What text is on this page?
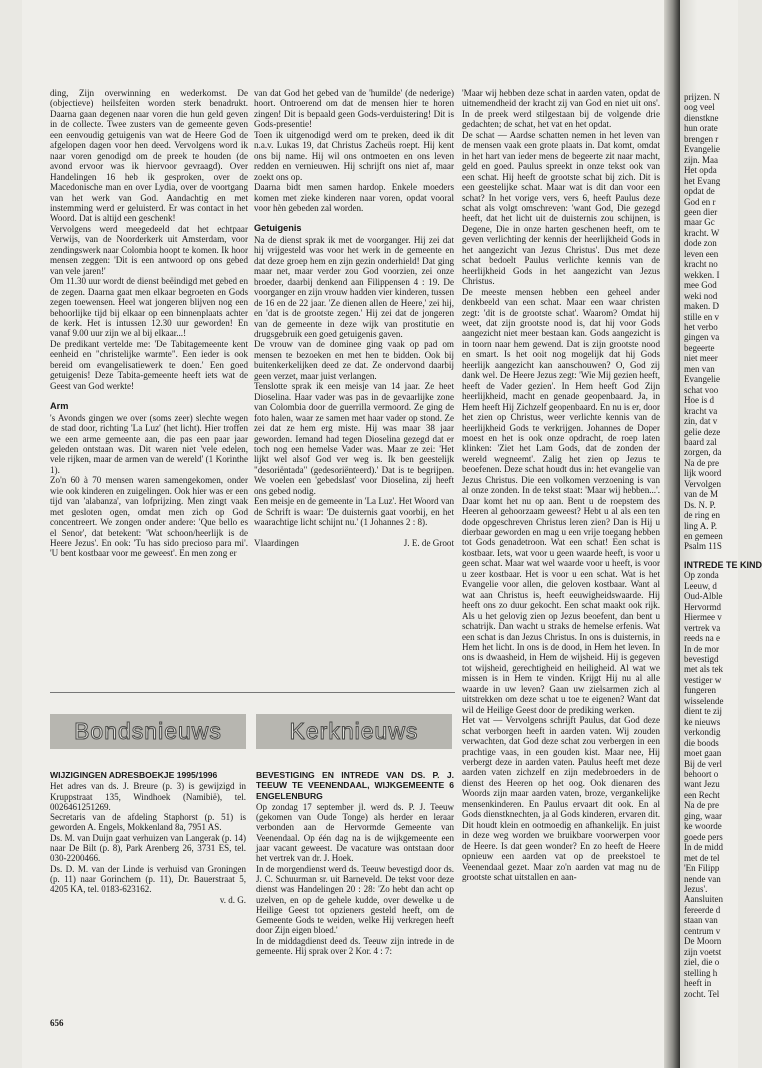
prijzen. N

oog veel

dienstkne

hun orate

brengen r

Evangelie

zijn. Maa

Het opda

het Evang

opdat de

God en r

geen dier

maar Gc

kracht. W

dode zon

leven een

kracht no

wekken. I

mee God

weki nod

maken. D

stille en v

het verbo

gingen va

begeerte

niet meer

men van

Evangelie

schat voo

Hoe is d

kracht va

zin, dat v

gelie deze

baard zal

zorgen, da

Na de pre

lijk woord

Vervolgen

van de M

Ds. N. P.

de ring en

ling A. P.

en gemeen

Psalm 11S

INTREDE TE KIND

Op zonda

Leeuw, d

Oud-Alble

Hervormd

Hiermee v

vertrek va

reeds na e

In de mor

bevestigd

met als tek

vestiger w

fungeren

wisselende

dient te zij

ke nieuws

verkondig

die boods

moet gaan

Bij de verl

behoort o

want Jezu

een Recht

Na de pre

ging, waar

ke woorde

goede pers

In de midd

met de tel

'En Filipp

nende van

Jezus'.

Aansluiten

fereerde d

staan van

centrum v

De Moorn

zijn voetst

ziel, die o

stelling h

heeft in

zocht. Tel

ding, Zijn overwinning en wederkomst. De (objectieve) heilsfeiten worden sterk benadrukt. Daarna gaan degenen naar voren die hun geld geven in de collecte. Twee zusters van de gemeente geven een eenvoudig getuigenis van wat de Heere God de afgelopen dagen voor hen deed. Vervolgens word ik naar voren genodigd om de preek te houden (de avond ervoor was ik hiervoor gevraagd). Over Handelingen 16 heb ik gesproken, over de Macedonische man en over Lydia, over de voortgang van het werk van God. Aandachtig en met instemming werd er geluisterd. Er was contact in het Woord. Dat is altijd een geschenk!

Vervolgens werd meegedeeld dat het echtpaar Verwijs, van de Noorderkerk uit Amsterdam, voor zendingswerk naar Colombia hoopt te komen. Ik hoor mensen zeggen: 'Dit is een antwoord op ons gebed van vele jaren!'

Om 11.30 uur wordt de dienst beëindigd met gebed en de zegen. Daarna gaat men elkaar begroeten en Gods zegen toewensen. Heel wat jongeren blijven nog een behoorlijke tijd bij elkaar op een binnenplaats achter de kerk. Het is intussen 12.30 uur geworden! En vanaf 9.00 uur zijn we al bij elkaar...!

De predikant vertelde me: 'De Tabitagemeente kent eenheid en "christelijke warmte". Een ieder is ook bereid om evangelisatiewerk te doen.' Een goed getuigenis! Deze Tabita-gemeente heeft iets wat de Geest van God werkte!

Arm

's Avonds gingen we over (soms zeer) slechte wegen de stad door, richting 'La Luz' (het licht). Hier troffen we een arme gemeente aan, die pas een paar jaar geleden ontstaan was. Dit waren niet 'vele edelen, vele rijken, maar de armen van de wereld' (1 Korinthe 1).

Zo'n 60 à 70 mensen waren samengekomen, onder wie ook kinderen en zuigelingen. Ook hier was er een tijd van 'alabanza', van lofprijzing. Men zingt vaak met gesloten ogen, omdat men zich op God concentreert. We zongen onder andere: 'Que bello es el Senor', dat betekent: 'Wat schoon/heerlijk is de Heere Jezus'. En ook: 'Tu has sido precioso para mi'. 'U bent kostbaar voor me geweest'. En men zong er

van dat God het gebed van de 'humilde' (de nederige) hoort. Ontroerend om dat de mensen hier te horen zingen! Dit is bepaald geen Gods-verduistering! Dit is Gods-presentie!

Toen ik uitgenodigd werd om te preken, deed ik dit n.a.v. Lukas 19, dat Christus Zacheüs roept. Hij kent ons bij name. Hij wil ons ontmoeten en ons leven redden en vernieuwen. Hij schrijft ons niet af, maar zoekt ons op.

Daarna bidt men samen hardop. Enkele moeders komen met zieke kinderen naar voren, opdat vooral voor hèn gebeden zal worden.

Getuigenis

Na de dienst sprak ik met de voorganger. Hij zei dat hij vrijgesteld was voor het werk in de gemeente en dat deze groep hem en zijn gezin onderhield! Dat ging maar net, maar verder zou God voorzien, zei onze broeder, daarbij denkend aan Filippensen 4 : 19. De voorganger en zijn vrouw hadden vier kinderen, tussen de 16 en de 22 jaar. 'Ze dienen allen de Heere,' zei hij, en 'dat is de grootste zegen.' Hij zei dat de jongeren van de gemeente in deze wijk van prostitutie en drugsgebruik een goed getuigenis gaven.

De vrouw van de dominee ging vaak op pad om mensen te bezoeken en met hen te bidden. Ook bij buitenkerkelijken deed ze dat. Ze ondervond daarbij geen verzet, maar juist verlangen.

Tenslotte sprak ik een meisje van 14 jaar. Ze heet Dioselina. Haar vader was pas in de gevaarlijke zone van Colombia door de guerrilla vermoord. Ze ging de foto halen, waar ze samen met haar vader op stond. Ze zei dat ze hem erg miste. Hij was maar 38 jaar geworden. Iemand had tegen Dioselina gezegd dat er toch nog een hemelse Vader was. Maar ze zei: 'Het lijkt wel alsof God ver weg is. Ik ben geestelijk "desoriëntada" (gedesoriënteerd).' Dat is te begrijpen. We voelen een 'gebedslast' voor Dioselina, zij heeft ons gebed nodig.

Een meisje en de gemeente in 'La Luz'. Het Woord van de Schrift is waar: 'De duisternis gaat voorbij, en het waarachtige licht schijnt nu.' (1 Johannes 2 : 8).

Vlaardingen	J. E. de Groot

'Maar wij hebben deze schat in aarden vaten, opdat de uitnemendheid der kracht zij van God en niet uit ons'. In de preek werd stilgestaan bij de volgende drie gedachten; de schat, het vat en het opdat.

De schat — Aardse schatten nemen in het leven van de mensen vaak een grote plaats in. Dat komt, omdat in het hart van ieder mens de begeerte zit naar macht, geld en goed. Paulus spreekt in onze tekst ook van een schat. Hij heeft de grootste schat bij zich. Dit is een geestelijke schat. Maar wat is dit dan voor een schat? In het vorige vers, vers 6, heeft Paulus deze schat als volgt omschreven: 'want God, Die gezegd heeft, dat het licht uit de duisternis zou schijnen, is Degene, Die in onze harten geschenen heeft, om te geven verlichting der kennis der heerlijkheid Gods in het aangezicht van Jezus Christus'. Dus met deze schat bedoelt Paulus verlichte kennis van de heerlijkheid Gods in het aangezicht van Jezus Christus.

De meeste mensen hebben een geheel ander denkbeeld van een schat. Maar een waar christen zegt: 'dit is de grootste schat'. Waarom? Omdat hij weet, dat zijn grootste nood is, dat hij voor Gods aangezicht niet meer bestaan kan. Gods aangezicht is in toorn naar hem gewend. Dat is zijn grootste nood en smart. Is het ooit nog mogelijk dat hij Gods heerlijk aangezicht kan aanschouwen? O, God zij dank wel. De Heere Jezus zegt: 'Wie Mij gezien heeft, heeft de Vader gezien'. In Hem heeft God Zijn heerlijkheid, macht en genade geopenbaard. Ja, in Hem heeft Hij Zichzelf geopenbaard. En nu is er, door het zien op Christus, weer verlichte kennis van de heerlijkheid Gods te verkrijgen. Johannes de Doper moest en het is ook onze opdracht, de roep laten klinken: 'Ziet het Lam Gods, dat de zonden der wereld wegneemt'. Zalig het zien op Jezus te beoefenen. Deze schat houdt dus in: het evangelie van Jezus Christus. Die een volkomen verzoening is van al onze zonden. In de tekst staat: 'Maar wij hebben...'. Daar komt het nu op aan. Bent u de roepstem des Heeren al gehoorzaam geweest? Hebt u al als een ten dode opgeschreven Christus leren zien? Dan is Hij u dierbaar geworden en mag u een vrije toegang hebben tot Gods genadetroon. Wat een schat! Een schat is kostbaar. Iets, wat voor u geen waarde heeft, is voor u geen schat. Maar wat wel waarde voor u heeft, is voor u zeer kostbaar. Het is voor u een schat. Wat is het Evangelie voor allen, die geloven kostbaar. Want al wat aan Christus is, heeft eeuwigheidswaarde. Hij heeft ons zo duur gekocht. Een schat maakt ook rijk. Als u het gelovig zien op Jezus beoefent, dan bent u schatrijk. Dan wacht u straks de hemelse erfenis. Wat een schat is dan Jezus Christus. In ons is duisternis, in Hem het licht. In ons is de dood, in Hem het leven. In ons is dwaasheid, in Hem de wijsheid. Hij is gegeven tot wijsheid, gerechtigheid en heiligheid. Al wat we missen is in Hem te vinden. Krijgt Hij nu al alle waarde in uw leven? Gaan uw zielsarmen zich al uitstrekken om deze schat u toe te eigenen? Want dat wil de Heilige Geest door de prediking werken.

Het vat — Vervolgens schrijft Paulus, dat God deze schat verborgen heeft in aarden vaten. Wij zouden verwachten, dat God deze schat zou verbergen in een prachtige vaas, in een gouden kist. Maar nee, Hij verbergt deze in aarden vaten. Paulus heeft met deze aarden vaten zichzelf en zijn medebroeders in de dienst des Heeren op het oog. Ook dienaren des Woords zijn maar aarden vaten, broze, vergankelijke mensenkinderen. En Paulus ervaart dit ook. En al Gods dienstknechten, ja al Gods kinderen, ervaren dit. Dit houdt klein en ootmoedig en afhankelijk. En juist in deze weg worden we bruikbare voorwerpen voor de Heere. Is dat geen wonder? En zo heeft de Heere opnieuw een aarden vat op de preekstoel te Veenendaal gezet. Maar zo'n aarden vat mag nu de grootste schat uitstallen en aan-

Bondsnieuws	Kerknieuws
WIJZIGINGEN ADRESBOEKJE 1995/1996

Het adres van ds. J. Breure (p. 3) is gewijzigd in Kruppstraat 135, Windhoek (Namibië), tel. 0026461251269.

Secretaris van de afdeling Staphorst (p. 51) is geworden A. Engels, Mokkenland 8a, 7951 AS.

Ds. M. van Duijn gaat verhuizen van Langerak (p. 14) naar De Bilt (p. 8), Park Arenberg 26, 3731 ES, tel. 030-2200466.

Ds. D. M. van der Linde is verhuisd van Groningen (p. 11) naar Gorinchem (p. 11), Dr. Bauerstraat 5, 4205 KA, tel. 0183-623162.

v. d. G.

BEVESTIGING EN INTREDE VAN DS. P. J. TEEUW TE VEENENDAAL, WIJKGEMEENTE 6 ENGELENBURG

Op zondag 17 september jl. werd ds. P. J. Teeuw (gekomen van Oude Tonge) als herder en leraar verbonden aan de Hervormde Gemeente van Veenendaal. Op één dag na is de wijkgemeente een jaar vacant geweest. De vacature was ontstaan door het vertrek van dr. J. Hoek.

In de morgendienst werd ds. Teeuw bevestigd door ds. J. C. Schuurman sr. uit Barneveld. De tekst voor deze dienst was Handelingen 20 : 28: 'Zo hebt dan acht op uzelven, en op de gehele kudde, over dewelke u de Heilige Geest tot opzieners gesteld heeft, om de Gemeente Gods te weiden, welke Hij verkregen heeft door Zijn eigen bloed.'

In de middagdienst deed ds. Teeuw zijn intrede in de gemeente. Hij sprak over 2 Kor. 4 : 7:

656
